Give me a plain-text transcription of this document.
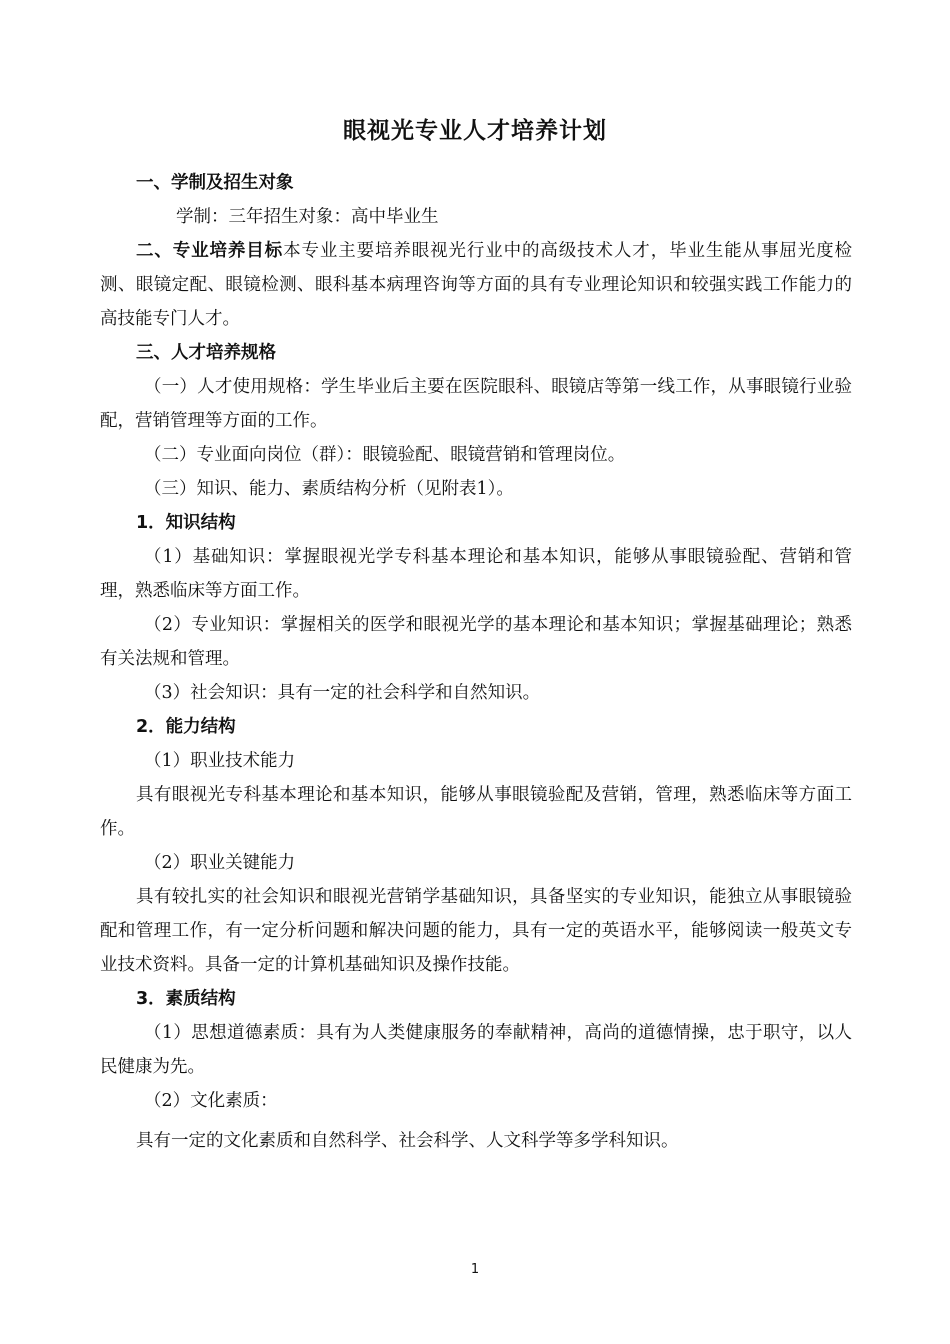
眼视光专业人才培养计划

一、学制及招生对象

学制：三年招生对象：高中毕业生

二、专业培养目标本专业主要培养眼视光行业中的高级技术人才，毕业生能从事屈光度检测、眼镜定配、眼镜检测、眼科基本病理咨询等方面的具有专业理论知识和较强实践工作能力的高技能专门人才。

三、人才培养规格

（一）人才使用规格：学生毕业后主要在医院眼科、眼镜店等第一线工作，从事眼镜行业验配，营销管理等方面的工作。

（二）专业面向岗位（群）：眼镜验配、眼镜营销和管理岗位。

（三）知识、能力、素质结构分析（见附表1）。

1．知识结构

（1）基础知识：掌握眼视光学专科基本理论和基本知识，能够从事眼镜验配、营销和管理，熟悉临床等方面工作。

（2）专业知识：掌握相关的医学和眼视光学的基本理论和基本知识；掌握基础理论；熟悉有关法规和管理。

（3）社会知识：具有一定的社会科学和自然知识。

2．能力结构

（1）职业技术能力

具有眼视光专科基本理论和基本知识，能够从事眼镜验配及营销，管理，熟悉临床等方面工作。

（2）职业关键能力

具有较扎实的社会知识和眼视光营销学基础知识，具备坚实的专业知识，能独立从事眼镜验配和管理工作，有一定分析问题和解决问题的能力，具有一定的英语水平，能够阅读一般英文专业技术资料。具备一定的计算机基础知识及操作技能。

3．素质结构

（1）思想道德素质：具有为人类健康服务的奉献精神，高尚的道德情操，忠于职守，以人民健康为先。

（2）文化素质：

具有一定的文化素质和自然科学、社会科学、人文科学等多学科知识。

1
